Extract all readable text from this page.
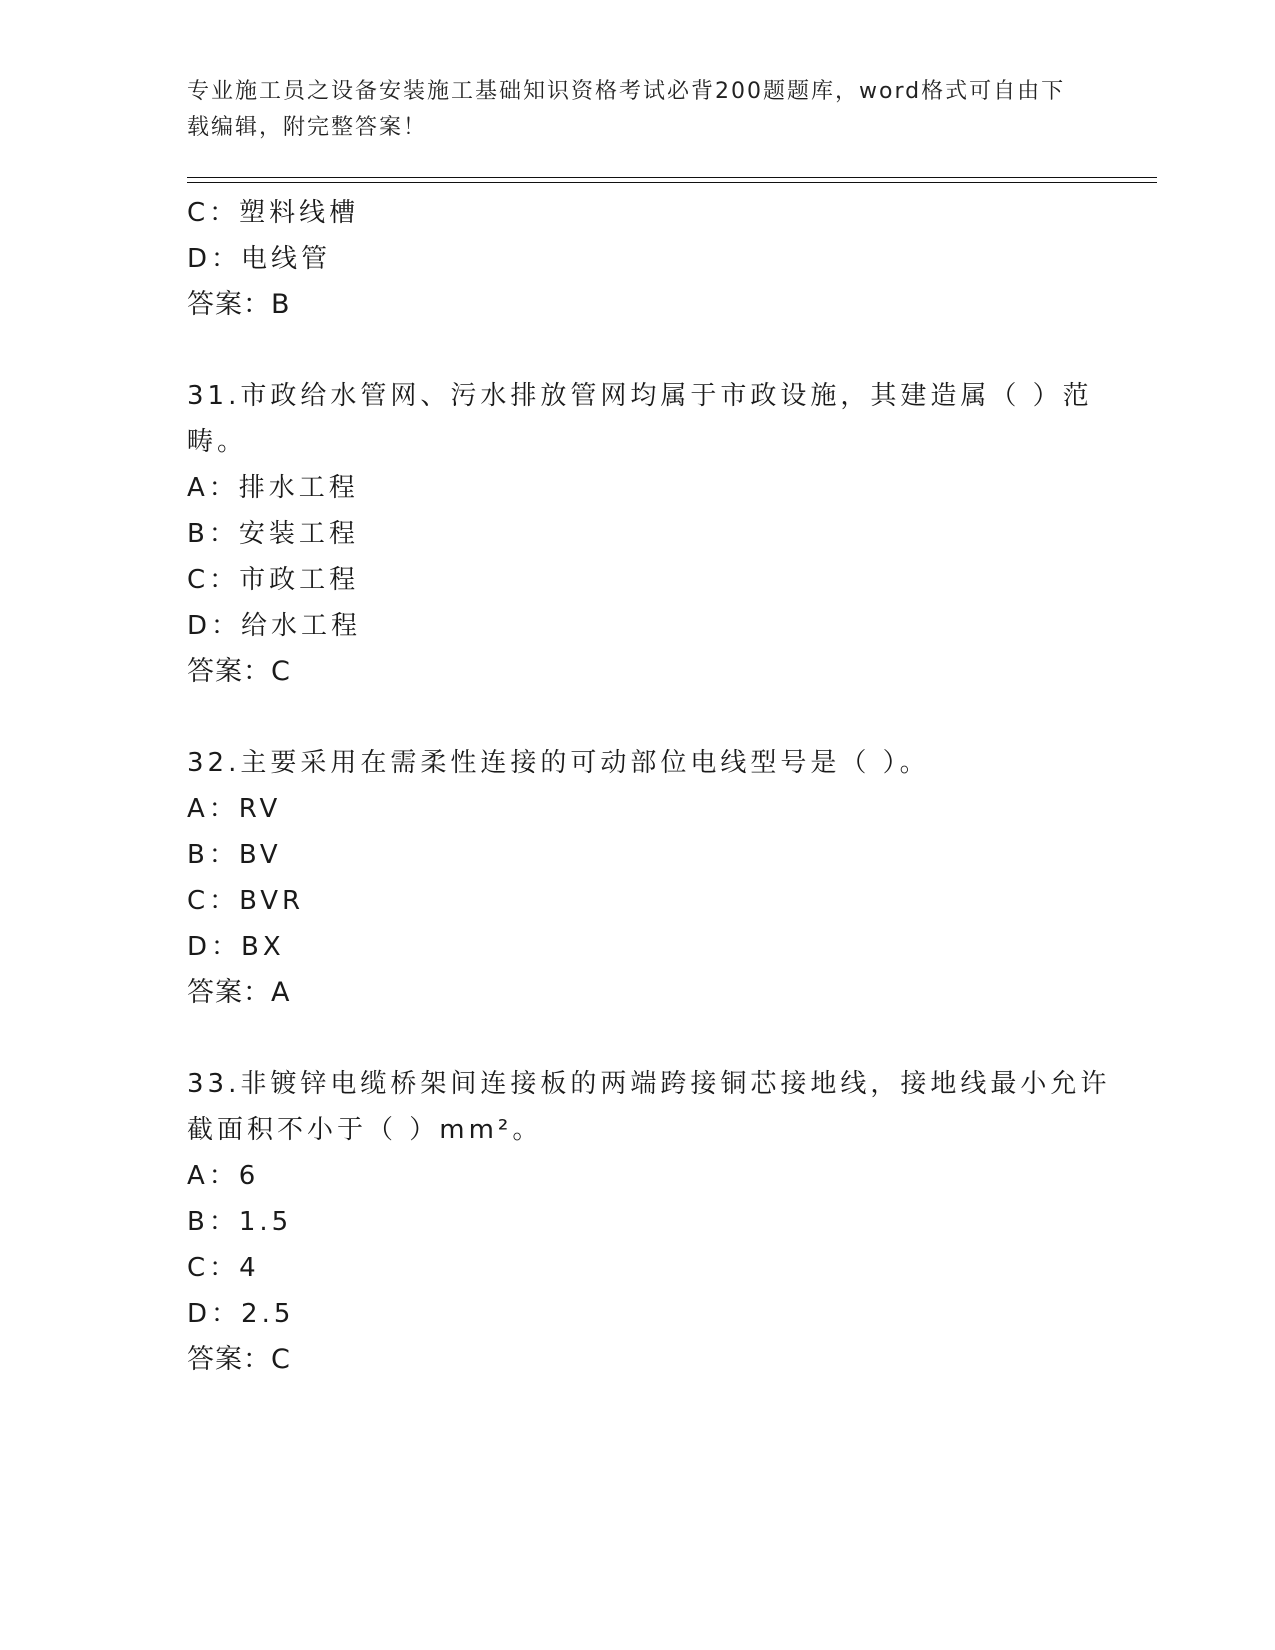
专业施工员之设备安装施工基础知识资格考试必背200题题库，word格式可自由下载编辑，附完整答案！
C：塑料线槽
D：电线管
答案：B
31.市政给水管网、污水排放管网均属于市政设施，其建造属（ ）范
畴。
A：排水工程
B：安装工程
C：市政工程
D：给水工程
答案：C
32.主要采用在需柔性连接的可动部位电线型号是（ ）。
A：RV
B：BV
C：BVR
D：BX
答案：A
33.非镀锌电缆桥架间连接板的两端跨接铜芯接地线，接地线最小允许
截面积不小于（ ）mm²。
A：6
B：1.5
C：4
D：2.5
答案：C
